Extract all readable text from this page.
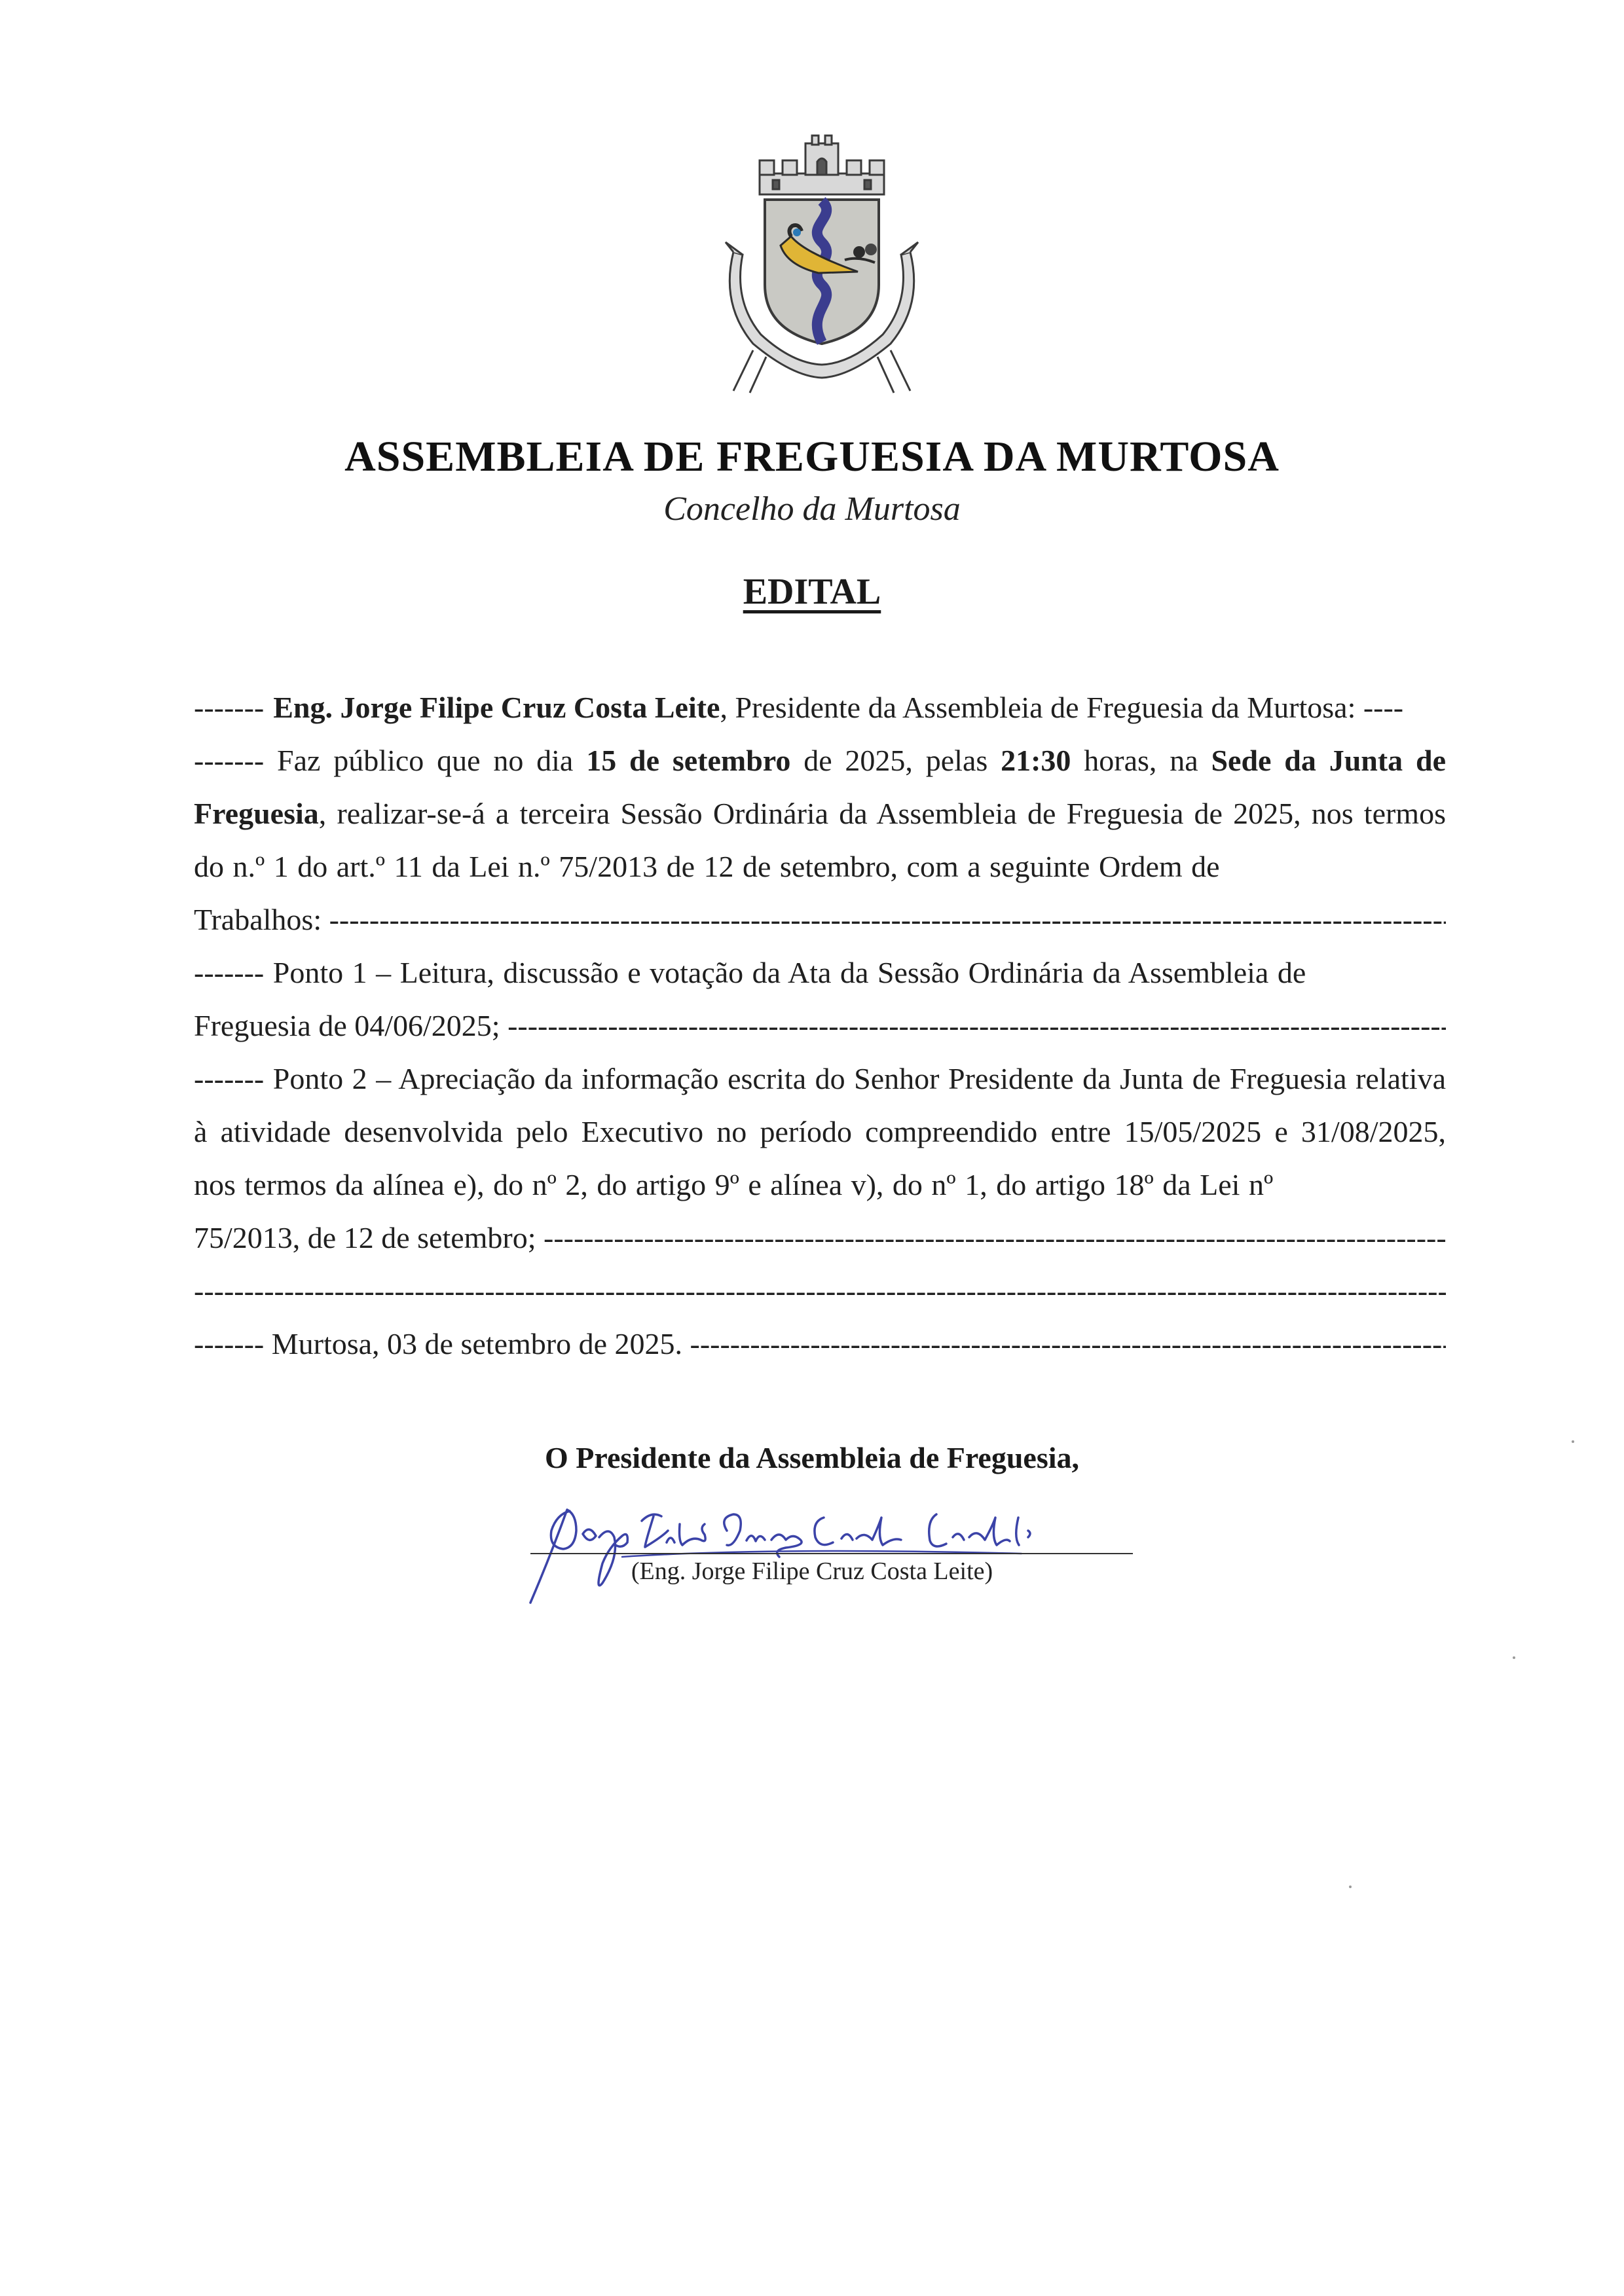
ASSEMBLEIA DE FREGUESIA DA MURTOSA
Concelho da Murtosa
EDITAL
------- Eng. Jorge Filipe Cruz Costa Leite , Presidente da Assembleia de Freguesia da Murtosa: ----

------- Faz público que no dia 15 de setembro de 2025, pelas 21:30 horas, na Sede da Junta de Freguesia, realizar-se-á a terceira Sessão Ordinária da Assembleia de Freguesia de 2025, nos termos do n.º 1 do art.º 11 da Lei n.º 75/2013 de 12 de setembro, com a seguinte Ordem de

Trabalhos:

-----

------- Ponto 1 – Leitura, discussão e votação da Ata da Sessão Ordinária da Assembleia de

Freguesia de 04/06/2025;

-----

------- Ponto 2 – Apreciação da informação escrita do Senhor Presidente da Junta de Freguesia relativa à atividade desenvolvida pelo Executivo no período compreendido entre 15/05/2025 e 31/08/2025, nos termos da alínea e), do nº 2, do artigo 9º e alínea v), do nº 1, do artigo 18º da Lei nº

75/2013, de 12 de setembro;

-----
-----
------- Murtosa, 03 de setembro de 2025.

-----
O Presidente da Assembleia de Freguesia,
(Eng. Jorge Filipe Cruz Costa Leite)
